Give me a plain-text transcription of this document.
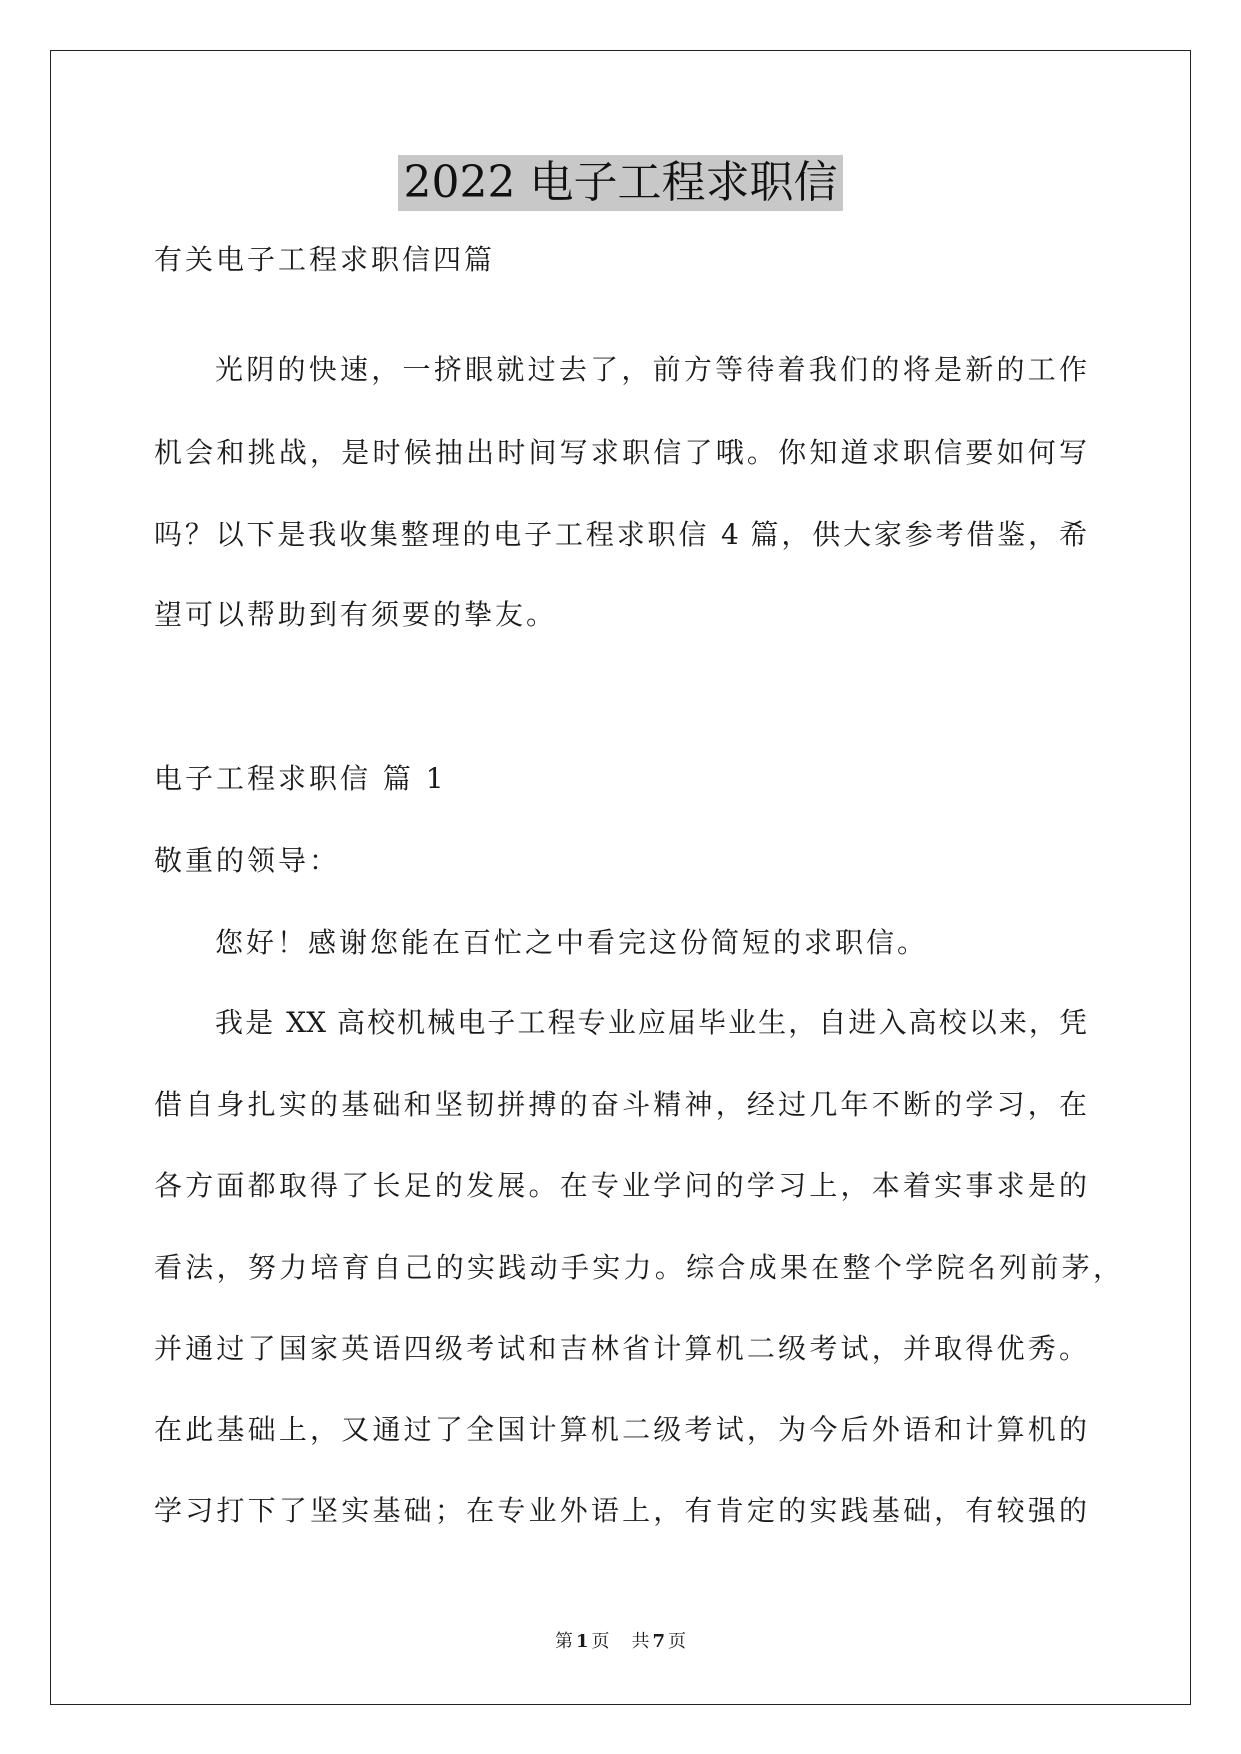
2022 电子工程求职信
有关电子工程求职信四篇
光阴的快速，一挤眼就过去了，前方等待着我们的将是新的工作
机会和挑战，是时候抽出时间写求职信了哦。你知道求职信要如何写
吗？以下是我收集整理的电子工程求职信 4 篇，供大家参考借鉴，希
望可以帮助到有须要的挚友。
电子工程求职信 篇 1
敬重的领导：
您好！感谢您能在百忙之中看完这份简短的求职信。
我是 XX 高校机械电子工程专业应届毕业生，自进入高校以来，凭
借自身扎实的基础和坚韧拼搏的奋斗精神，经过几年不断的学习，在
各方面都取得了长足的发展。在专业学问的学习上，本着实事求是的
看法，努力培育自己的实践动手实力。综合成果在整个学院名列前茅，
并通过了国家英语四级考试和吉林省计算机二级考试，并取得优秀。
在此基础上，又通过了全国计算机二级考试，为今后外语和计算机的
学习打下了坚实基础；在专业外语上，有肯定的实践基础，有较强的
第 1 页 共 7 页
